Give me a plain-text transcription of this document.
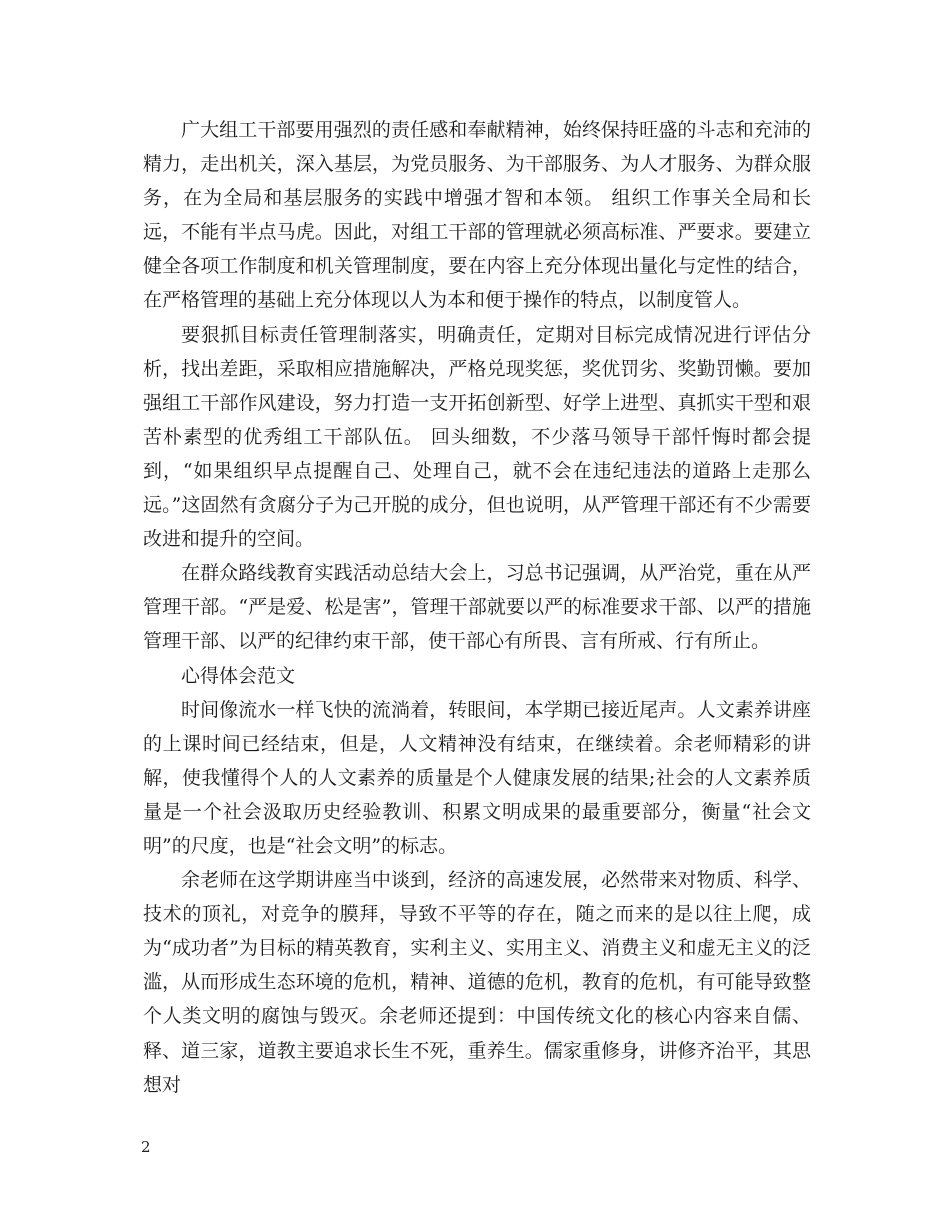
广大组工干部要用强烈的责任感和奉献精神，始终保持旺盛的斗志和充沛的精力，走出机关，深入基层，为党员服务、为干部服务、为人才服务、为群众服务，在为全局和基层服务的实践中增强才智和本领。 组织工作事关全局和长远，不能有半点马虎。因此，对组工干部的管理就必须高标准、严要求。要建立健全各项工作制度和机关管理制度，要在内容上充分体现出量化与定性的结合，在严格管理的基础上充分体现以人为本和便于操作的特点，以制度管人。

要狠抓目标责任管理制落实，明确责任，定期对目标完成情况进行评估分析，找出差距，采取相应措施解决，严格兑现奖惩，奖优罚劣、奖勤罚懒。要加强组工干部作风建设，努力打造一支开拓创新型、好学上进型、真抓实干型和艰苦朴素型的优秀组工干部队伍。 回头细数，不少落马领导干部忏悔时都会提到，“如果组织早点提醒自己、处理自己，就不会在违纪违法的道路上走那么远。”这固然有贪腐分子为己开脱的成分，但也说明，从严管理干部还有不少需要改进和提升的空间。

在群众路线教育实践活动总结大会上，习总书记强调，从严治党，重在从严管理干部。“严是爱、松是害”，管理干部就要以严的标准要求干部、以严的措施管理干部、以严的纪律约束干部，使干部心有所畏、言有所戒、行有所止。

心得体会范文

时间像流水一样飞快的流淌着，转眼间，本学期已接近尾声。人文素养讲座的上课时间已经结束，但是，人文精神没有结束，在继续着。余老师精彩的讲解，使我懂得个人的人文素养的质量是个人健康发展的结果;社会的人文素养质量是一个社会汲取历史经验教训、积累文明成果的最重要部分，衡量“社会文明”的尺度，也是“社会文明”的标志。

余老师在这学期讲座当中谈到，经济的高速发展，必然带来对物质、科学、技术的顶礼，对竞争的膜拜，导致不平等的存在，随之而来的是以往上爬，成为“成功者”为目标的精英教育，实利主义、实用主义、消费主义和虚无主义的泛滥，从而形成生态环境的危机，精神、道德的危机，教育的危机，有可能导致整个人类文明的腐蚀与毁灭。余老师还提到：中国传统文化的核心内容来自儒、释、道三家，道教主要追求长生不死，重养生。儒家重修身，讲修齐治平，其思想对

2
